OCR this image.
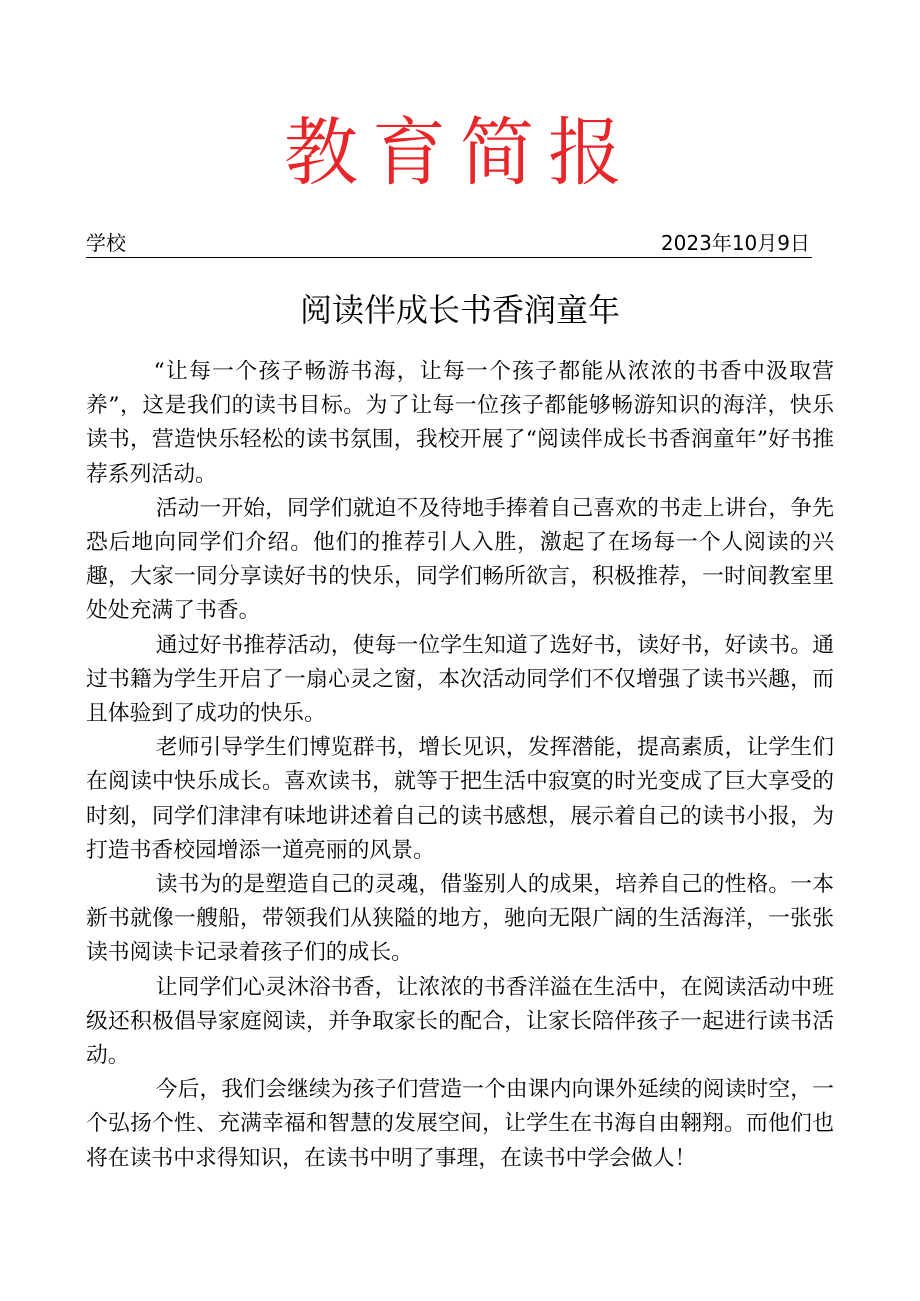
教育简报
学校	2023年10月9日
阅读伴成长书香润童年

“让每一个孩子畅游书海，让每一个孩子都能从浓浓的书香中汲取营养”，这是我们的读书目标。为了让每一位孩子都能够畅游知识的海洋，快乐读书，营造快乐轻松的读书氛围，我校开展了“阅读伴成长书香润童年”好书推荐系列活动。

活动一开始，同学们就迫不及待地手捧着自己喜欢的书走上讲台，争先恐后地向同学们介绍。他们的推荐引人入胜，激起了在场每一个人阅读的兴趣，大家一同分享读好书的快乐，同学们畅所欲言，积极推荐，一时间教室里处处充满了书香。

通过好书推荐活动，使每一位学生知道了选好书，读好书，好读书。通过书籍为学生开启了一扇心灵之窗，本次活动同学们不仅增强了读书兴趣，而且体验到了成功的快乐。

老师引导学生们博览群书，增长见识，发挥潜能，提高素质，让学生们在阅读中快乐成长。喜欢读书，就等于把生活中寂寞的时光变成了巨大享受的时刻，同学们津津有味地讲述着自己的读书感想，展示着自己的读书小报，为打造书香校园增添一道亮丽的风景。

读书为的是塑造自己的灵魂，借鉴别人的成果，培养自己的性格。一本新书就像一艘船，带领我们从狭隘的地方，驰向无限广阔的生活海洋，一张张读书阅读卡记录着孩子们的成长。

让同学们心灵沐浴书香，让浓浓的书香洋溢在生活中，在阅读活动中班级还积极倡导家庭阅读，并争取家长的配合，让家长陪伴孩子一起进行读书活动。

今后，我们会继续为孩子们营造一个由课内向课外延续的阅读时空，一个弘扬个性、充满幸福和智慧的发展空间，让学生在书海自由翱翔。而他们也将在读书中求得知识，在读书中明了事理，在读书中学会做人！
